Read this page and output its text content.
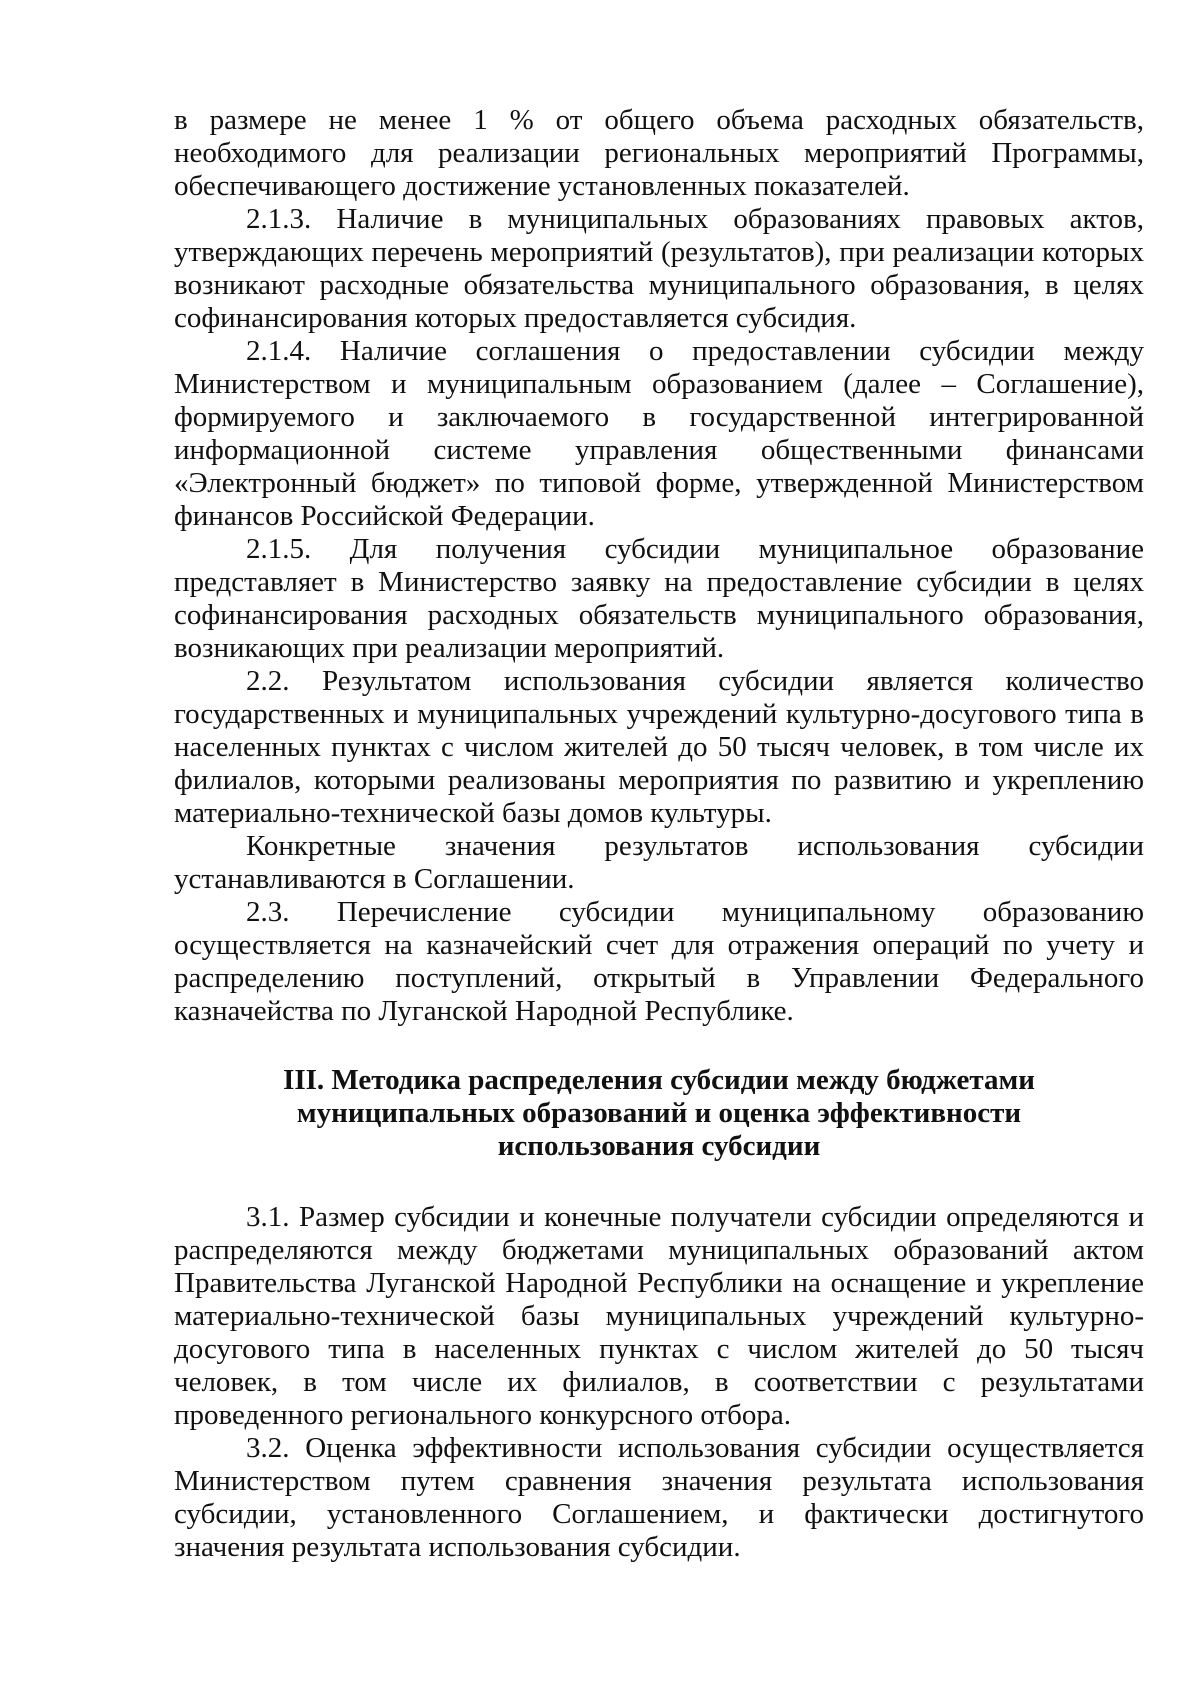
в размере не менее 1 % от общего объема расходных обязательств, необходимого для реализации региональных мероприятий Программы, обеспечивающего достижение установленных показателей.

2.1.3. Наличие в муниципальных образованиях правовых актов, утверждающих перечень мероприятий (результатов), при реализации которых возникают расходные обязательства муниципального образования, в целях софинансирования которых предоставляется субсидия.

2.1.4. Наличие соглашения о предоставлении субсидии между Министерством и муниципальным образованием (далее – Соглашение), формируемого и заключаемого в государственной интегрированной информационной системе управления общественными финансами «Электронный бюджет» по типовой форме, утвержденной Министерством финансов Российской Федерации.

2.1.5. Для получения субсидии муниципальное образование представляет в Министерство заявку на предоставление субсидии в целях софинансирования расходных обязательств муниципального образования, возникающих при реализации мероприятий.

2.2. Результатом использования субсидии является количество государственных и муниципальных учреждений культурно-досугового типа в населенных пунктах с числом жителей до 50 тысяч человек, в том числе их филиалов, которыми реализованы мероприятия по развитию и укреплению материально-технической базы домов культуры.

Конкретные значения результатов использования субсидии устанавливаются в Соглашении.

2.3. Перечисление субсидии муниципальному образованию осуществляется на казначейский счет для отражения операций по учету и распределению поступлений, открытый в Управлении Федерального казначейства по Луганской Народной Республике.

III. Методика распределения субсидии между бюджетами
муниципальных образований и оценка эффективности
использования субсидии

3.1. Размер субсидии и конечные получатели субсидии определяются и распределяются между бюджетами муниципальных образований актом Правительства Луганской Народной Республики на оснащение и укрепление материально-технической базы муниципальных учреждений культурно-досугового типа в населенных пунктах с числом жителей до 50 тысяч человек, в том числе их филиалов, в соответствии с результатами проведенного регионального конкурсного отбора.

3.2. Оценка эффективности использования субсидии осуществляется Министерством путем сравнения значения результата использования субсидии, установленного Соглашением, и фактически достигнутого значения результата использования субсидии.
